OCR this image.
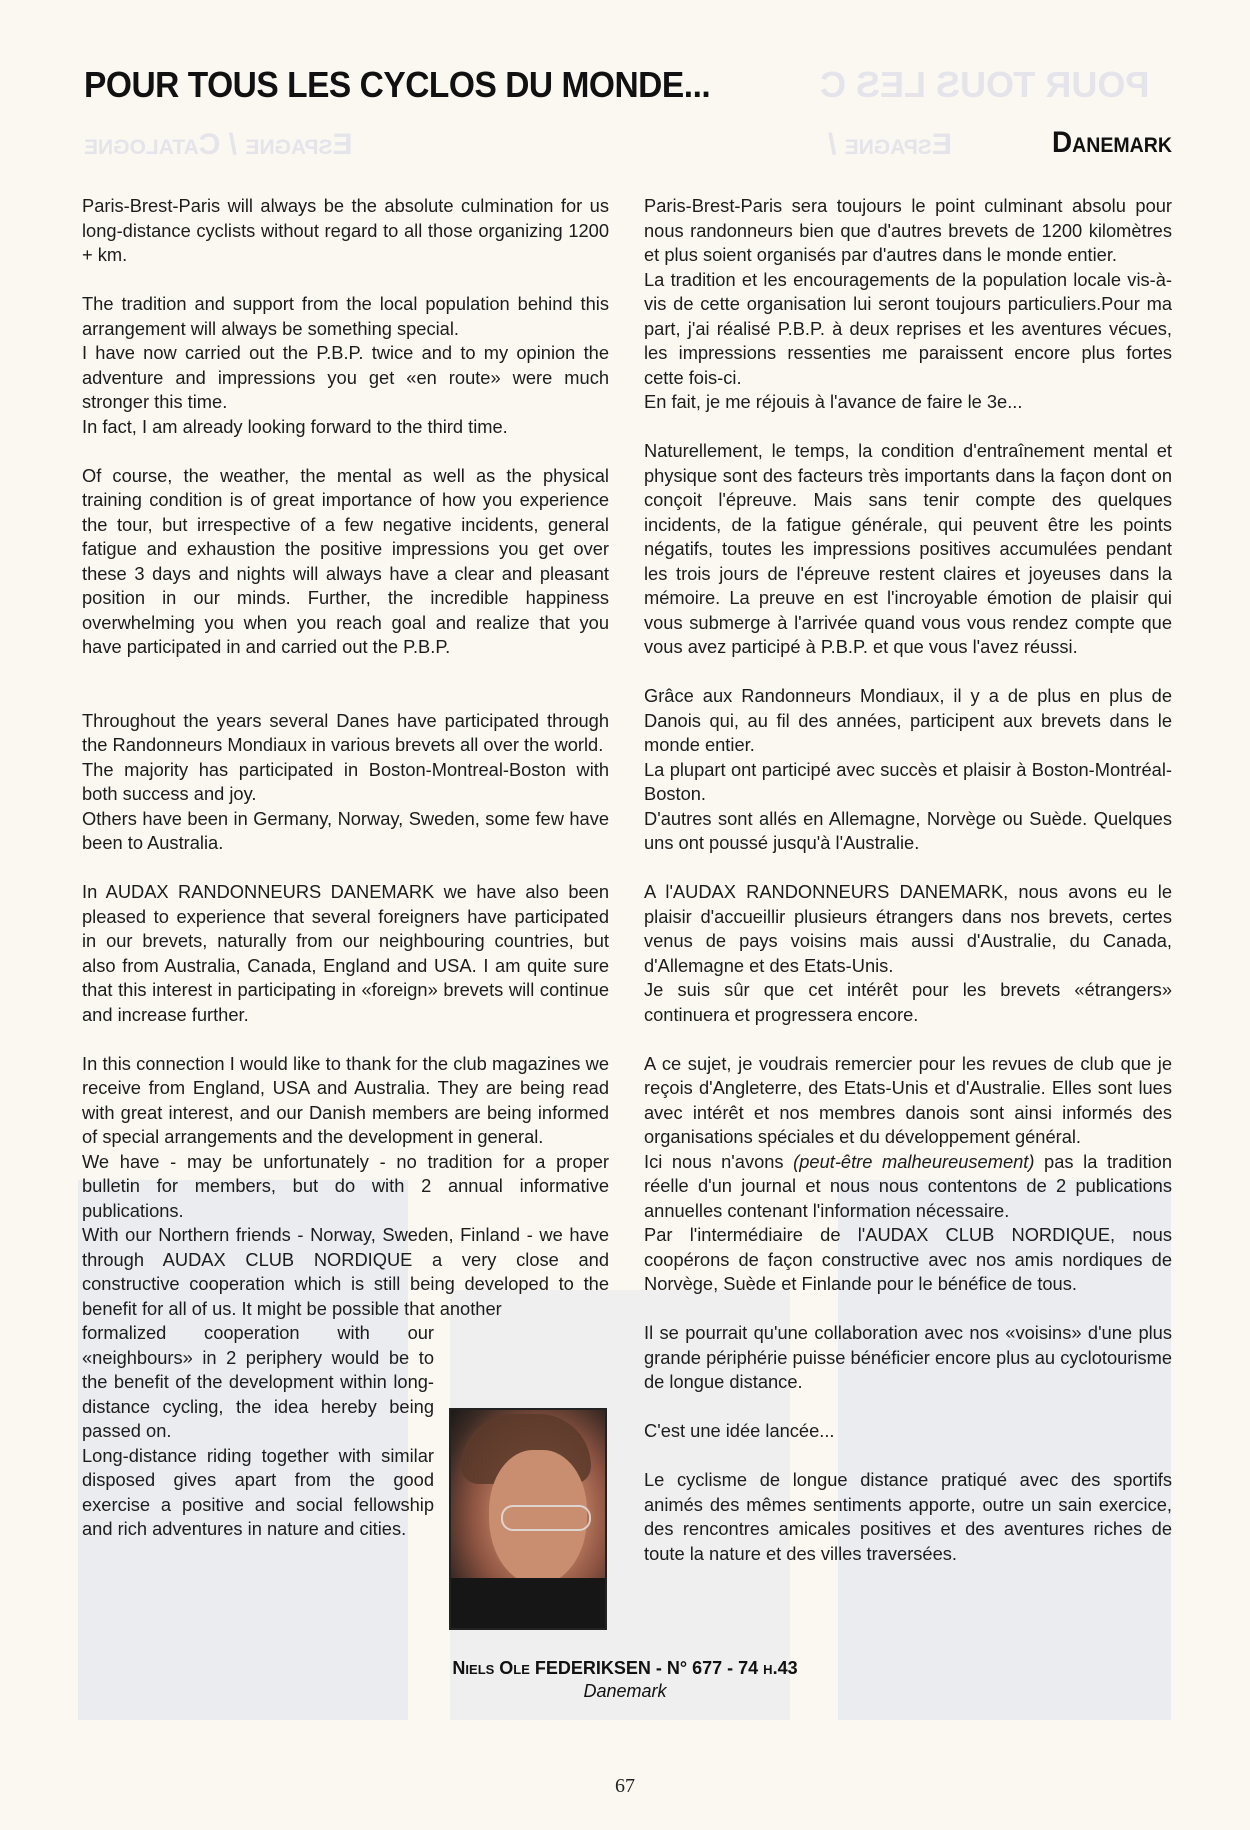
POUR TOUS LES C
Espagne / Catalogne	Espagne /
POUR TOUS LES CYCLOS DU MONDE...
Danemark

Paris-Brest-Paris will always be the absolute culmination for us long-distance cyclists without regard to all those organizing 1200 + km.

The tradition and support from the local population behind this arrangement will always be something special.

I have now carried out the P.B.P. twice and to my opinion the adventure and impressions you get «en route» were much stronger this time.

In fact, I am already looking forward to the third time.

Of course, the weather, the mental as well as the physical training condition is of great importance of how you experience the tour, but irrespective of a few negative incidents, general fatigue and exhaustion the positive impressions you get over these 3 days and nights will always have a clear and pleasant position in our minds. Further, the incredible happiness overwhelming you when you reach goal and realize that you have participated in and carried out the P.B.P.

Throughout the years several Danes have participated through the Randonneurs Mondiaux in various brevets all over the world.

The majority has participated in Boston-Montreal-Boston with both success and joy.

Others have been in Germany, Norway, Sweden, some few have been to Australia.

In AUDAX RANDONNEURS DANEMARK we have also been pleased to experience that several foreigners have participated in our brevets, naturally from our neighbouring countries, but also from Australia, Canada, England and USA. I am quite sure that this interest in participating in «foreign» brevets will continue and increase further.

In this connection I would like to thank for the club magazines we receive from England, USA and Australia. They are being read with great interest, and our Danish members are being informed of special arrangements and the development in general.

We have - may be unfortunately - no tradition for a proper bulletin for members, but do with 2 annual informative publications.

With our Northern friends - Norway, Sweden, Finland - we have through AUDAX CLUB NORDIQUE a very close and constructive cooperation which is still being developed to the benefit for all of us. It might be possible that another

formalized cooperation with our «neighbours» in 2 periphery would be to the benefit of the development within long-distance cycling, the idea hereby being passed on.

Long-distance riding together with similar disposed gives apart from the good exercise a positive and social fellowship and rich adventures in nature and cities.

Paris-Brest-Paris sera toujours le point culminant absolu pour nous randonneurs bien que d'autres brevets de 1200 kilomètres et plus soient organisés par d'autres dans le monde entier.

La tradition et les encouragements de la population locale vis-à-vis de cette organisation lui seront toujours particuliers.Pour ma part, j'ai réalisé P.B.P. à deux reprises et les aventures vécues, les impressions ressenties me paraissent encore plus fortes cette fois-ci.

En fait, je me réjouis à l'avance de faire le 3e...

Naturellement, le temps, la condition d'entraînement mental et physique sont des facteurs très importants dans la façon dont on conçoit l'épreuve. Mais sans tenir compte des quelques incidents, de la fatigue générale, qui peuvent être les points négatifs, toutes les impressions positives accumulées pendant les trois jours de l'épreuve restent claires et joyeuses dans la mémoire. La preuve en est l'incroyable émotion de plaisir qui vous submerge à l'arrivée quand vous vous rendez compte que vous avez participé à P.B.P. et que vous l'avez réussi.

Grâce aux Randonneurs Mondiaux, il y a de plus en plus de Danois qui, au fil des années, participent aux brevets dans le monde entier.

La plupart ont participé avec succès et plaisir à Boston-Montréal-Boston.

D'autres sont allés en Allemagne, Norvège ou Suède. Quelques uns ont poussé jusqu'à l'Australie.

A l'AUDAX RANDONNEURS DANEMARK, nous avons eu le plaisir d'accueillir plusieurs étrangers dans nos brevets, certes venus de pays voisins mais aussi d'Australie, du Canada, d'Allemagne et des Etats-Unis.

Je suis sûr que cet intérêt pour les brevets «étrangers» continuera et progressera encore.

A ce sujet, je voudrais remercier pour les revues de club que je reçois d'Angleterre, des Etats-Unis et d'Australie. Elles sont lues avec intérêt et nos membres danois sont ainsi informés des organisations spéciales et du développement général.

Ici nous n'avons (peut-être malheureusement) pas la tradition réelle d'un journal et nous nous contentons de 2 publications annuelles contenant l'information nécessaire.

Par l'intermédiaire de l'AUDAX CLUB NORDIQUE, nous coopérons de façon constructive avec nos amis nordiques de Norvège, Suède et Finlande pour le bénéfice de tous.

Il se pourrait qu'une collaboration avec nos «voisins» d'une plus grande périphérie puisse bénéficier encore plus au cyclotourisme de longue distance.

C'est une idée lancée...

Le cyclisme de longue distance pratiqué avec des sportifs animés des mêmes sentiments apporte, outre un sain exercice, des rencontres amicales positives et des aventures riches de toute la nature et des villes traversées.

Niels Ole FEDERIKSEN - N° 677 - 74 h.43
Danemark
67
